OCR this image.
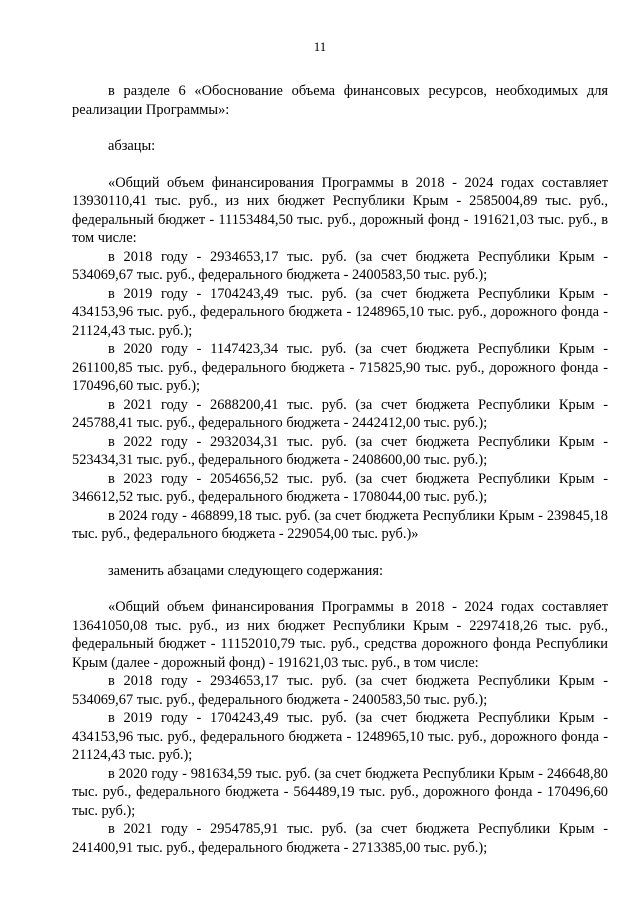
11

в разделе 6 «Обоснование объема финансовых ресурсов, необходимых для реализации Программы»:

абзацы:

«Общий объем финансирования Программы в 2018 - 2024 годах составляет 13930110,41 тыс. руб., из них бюджет Республики Крым - 2585004,89 тыс. руб., федеральный бюджет - 11153484,50 тыс. руб., дорожный фонд - 191621,03 тыс. руб., в том числе:

в 2018 году - 2934653,17 тыс. руб. (за счет бюджета Республики Крым - 534069,67 тыс. руб., федерального бюджета - 2400583,50 тыс. руб.);

в 2019 году - 1704243,49 тыс. руб. (за счет бюджета Республики Крым - 434153,96 тыс. руб., федерального бюджета - 1248965,10 тыс. руб., дорожного фонда - 21124,43 тыс. руб.);

в 2020 году - 1147423,34 тыс. руб. (за счет бюджета Республики Крым - 261100,85 тыс. руб., федерального бюджета - 715825,90 тыс. руб., дорожного фонда - 170496,60 тыс. руб.);

в 2021 году - 2688200,41 тыс. руб. (за счет бюджета Республики Крым - 245788,41 тыс. руб., федерального бюджета - 2442412,00 тыс. руб.);

в 2022 году - 2932034,31 тыс. руб. (за счет бюджета Республики Крым - 523434,31 тыс. руб., федерального бюджета - 2408600,00 тыс. руб.);

в 2023 году - 2054656,52 тыс. руб. (за счет бюджета Республики Крым - 346612,52 тыс. руб., федерального бюджета - 1708044,00 тыс. руб.);

в 2024 году - 468899,18 тыс. руб. (за счет бюджета Республики Крым - 239845,18 тыс. руб., федерального бюджета - 229054,00 тыс. руб.)»

заменить абзацами следующего содержания:

«Общий объем финансирования Программы в 2018 - 2024 годах составляет 13641050,08 тыс. руб., из них бюджет Республики Крым - 2297418,26 тыс. руб., федеральный бюджет - 11152010,79 тыс. руб., средства дорожного фонда Республики Крым (далее - дорожный фонд) - 191621,03 тыс. руб., в том числе:

в 2018 году - 2934653,17 тыс. руб. (за счет бюджета Республики Крым - 534069,67 тыс. руб., федерального бюджета - 2400583,50 тыс. руб.);

в 2019 году - 1704243,49 тыс. руб. (за счет бюджета Республики Крым - 434153,96 тыс. руб., федерального бюджета - 1248965,10 тыс. руб., дорожного фонда - 21124,43 тыс. руб.);

в 2020 году - 981634,59 тыс. руб. (за счет бюджета Республики Крым - 246648,80 тыс. руб., федерального бюджета - 564489,19 тыс. руб., дорожного фонда - 170496,60 тыс. руб.);

в 2021 году - 2954785,91 тыс. руб. (за счет бюджета Республики Крым - 241400,91 тыс. руб., федерального бюджета - 2713385,00 тыс. руб.);
